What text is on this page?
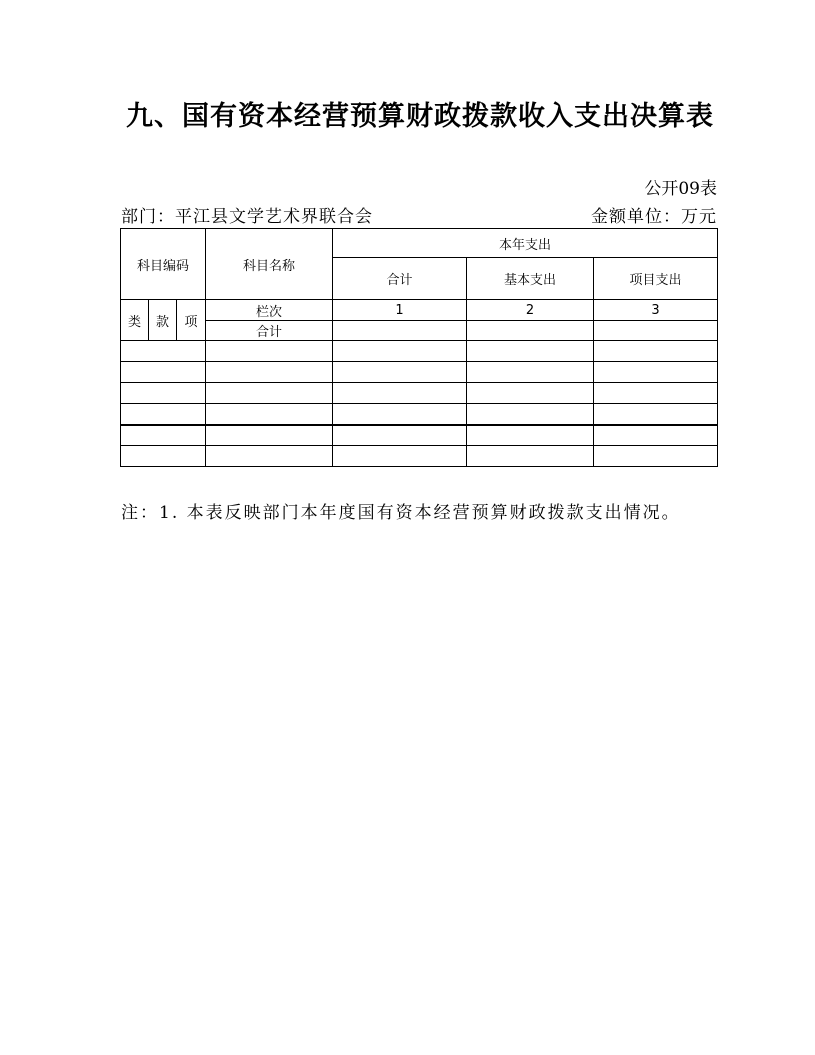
九、国有资本经营预算财政拨款收入支出决算表
公开09表
部门：平江县文学艺术界联合会	金额单位：万元
科目编码			科目名称	本年支出		
				合计	基本支出	项目支出
类	款	项	栏次	1	2	3
			合计			

注：1. 本表反映部门本年度国有资本经营预算财政拨款支出情况。
